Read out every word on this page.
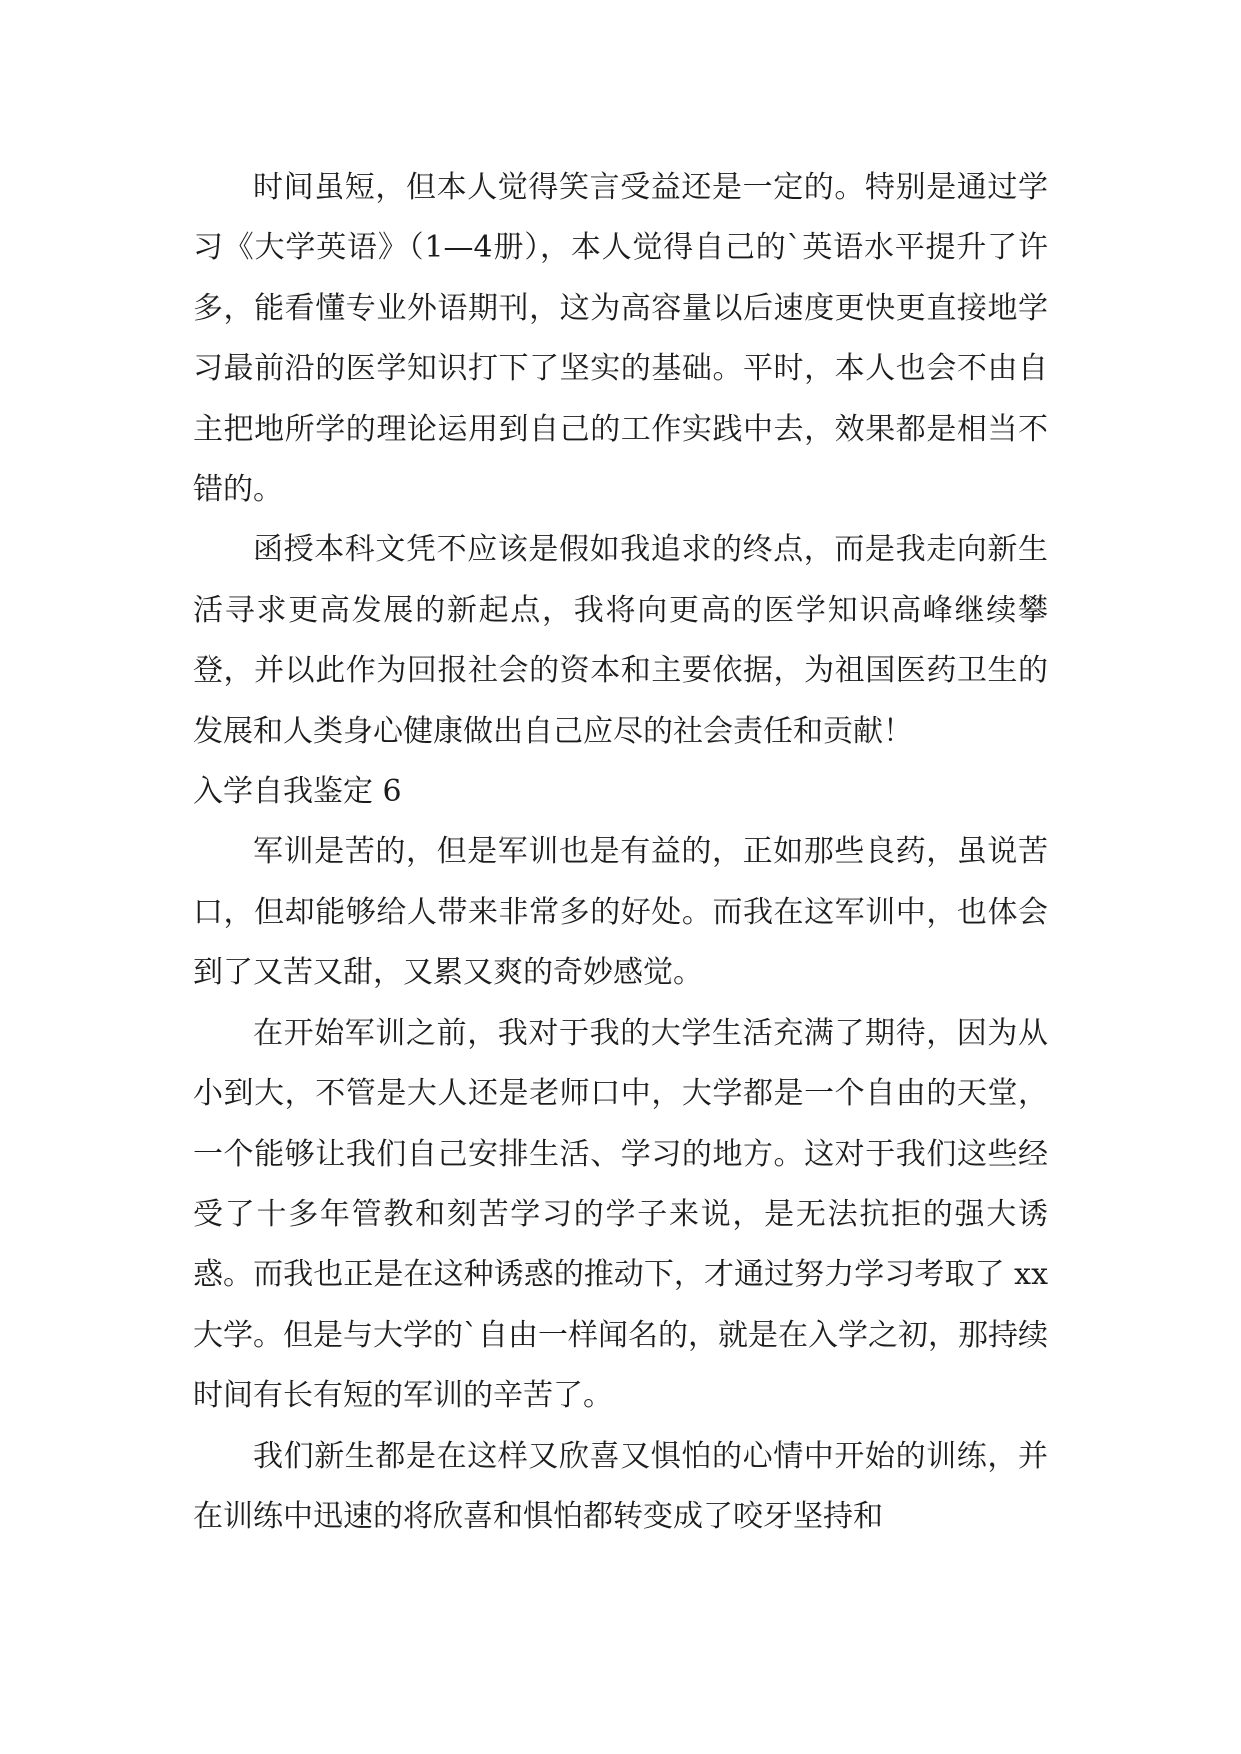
时间虽短，但本人觉得笑言受益还是一定的。特别是通过学习《大学英语》（1—4册），本人觉得自己的`英语水平提升了许多，能看懂专业外语期刊，这为高容量以后速度更快更直接地学习最前沿的医学知识打下了坚实的基础。平时，本人也会不由自主把地所学的理论运用到自己的工作实践中去，效果都是相当不错的。

函授本科文凭不应该是假如我追求的终点，而是我走向新生活寻求更高发展的新起点，我将向更高的医学知识高峰继续攀登，并以此作为回报社会的资本和主要依据，为祖国医药卫生的发展和人类身心健康做出自己应尽的社会责任和贡献！

入学自我鉴定 6

军训是苦的，但是军训也是有益的，正如那些良药，虽说苦口，但却能够给人带来非常多的好处。而我在这军训中，也体会到了又苦又甜，又累又爽的奇妙感觉。

在开始军训之前，我对于我的大学生活充满了期待，因为从小到大，不管是大人还是老师口中，大学都是一个自由的天堂，一个能够让我们自己安排生活、学习的地方。这对于我们这些经受了十多年管教和刻苦学习的学子来说，是无法抗拒的强大诱惑。而我也正是在这种诱惑的推动下，才通过努力学习考取了 xx 大学。但是与大学的`自由一样闻名的，就是在入学之初，那持续时间有长有短的军训的辛苦了。

我们新生都是在这样又欣喜又惧怕的心情中开始的训练，并在训练中迅速的将欣喜和惧怕都转变成了咬牙坚持和
